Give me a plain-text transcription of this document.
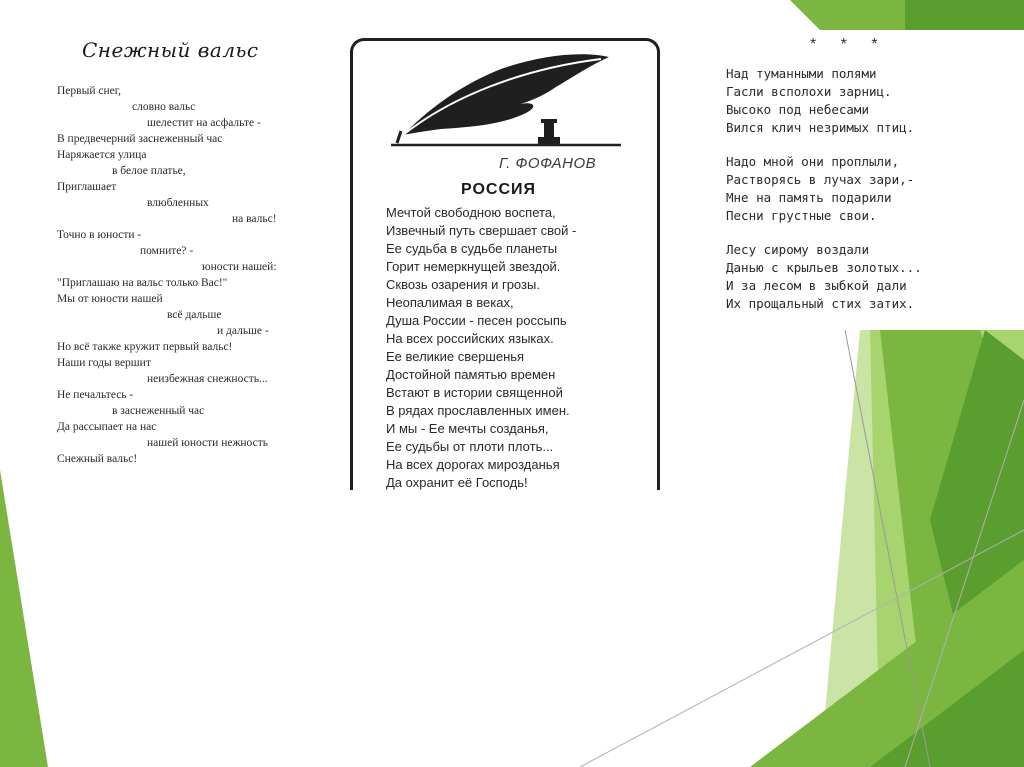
Снежный вальс
Первый снег,
словно вальс
шелестит на асфальте -
В предвечерний заснеженный час
Наряжается улица
в белое платье,
Приглашает
влюбленных
на вальс!
Точно в юности -
помните? -
юности нашей:
"Приглашаю на вальс только Вас!"
Мы от юности нашей
всё дальше
и дальше -
Но всё также кружит первый вальс!
Наши годы вершит
неизбежная снежность...
Не печальтесь -
в заснеженный час
Да рассыпает на нас
нашей юности нежность
Снежный вальс!
Г. ФОФАНОВ
РОССИЯ
Мечтой свободною воспета,
Извечный путь свершает свой -
Ее судьба в судьбе планеты
Горит немеркнущей звездой.
Сквозь озарения и грозы.
Неопалимая в веках,
Душа России - песен россыпь
На всех российских языках.
Ее великие свершенья
Достойной памятью времен
Встают в истории священной
В рядах прославленных имен.
И мы - Ее мечты созданья,
Ее судьбы от плоти плоть...
На всех дорогах мирозданья
Да охранит её Господь!
* * *
Над туманными полями
Гасли всполохи зарниц.
Высоко под небесами
Вился клич незримых птиц.
Надо мной они проплыли,
Растворясь в лучах зари,-
Мне на память подарили
Песни грустные свои.
Лесу сирому воздали
Данью с крыльев золотых...
И за лесом в зыбкой дали
Их прощальный стих затих.
